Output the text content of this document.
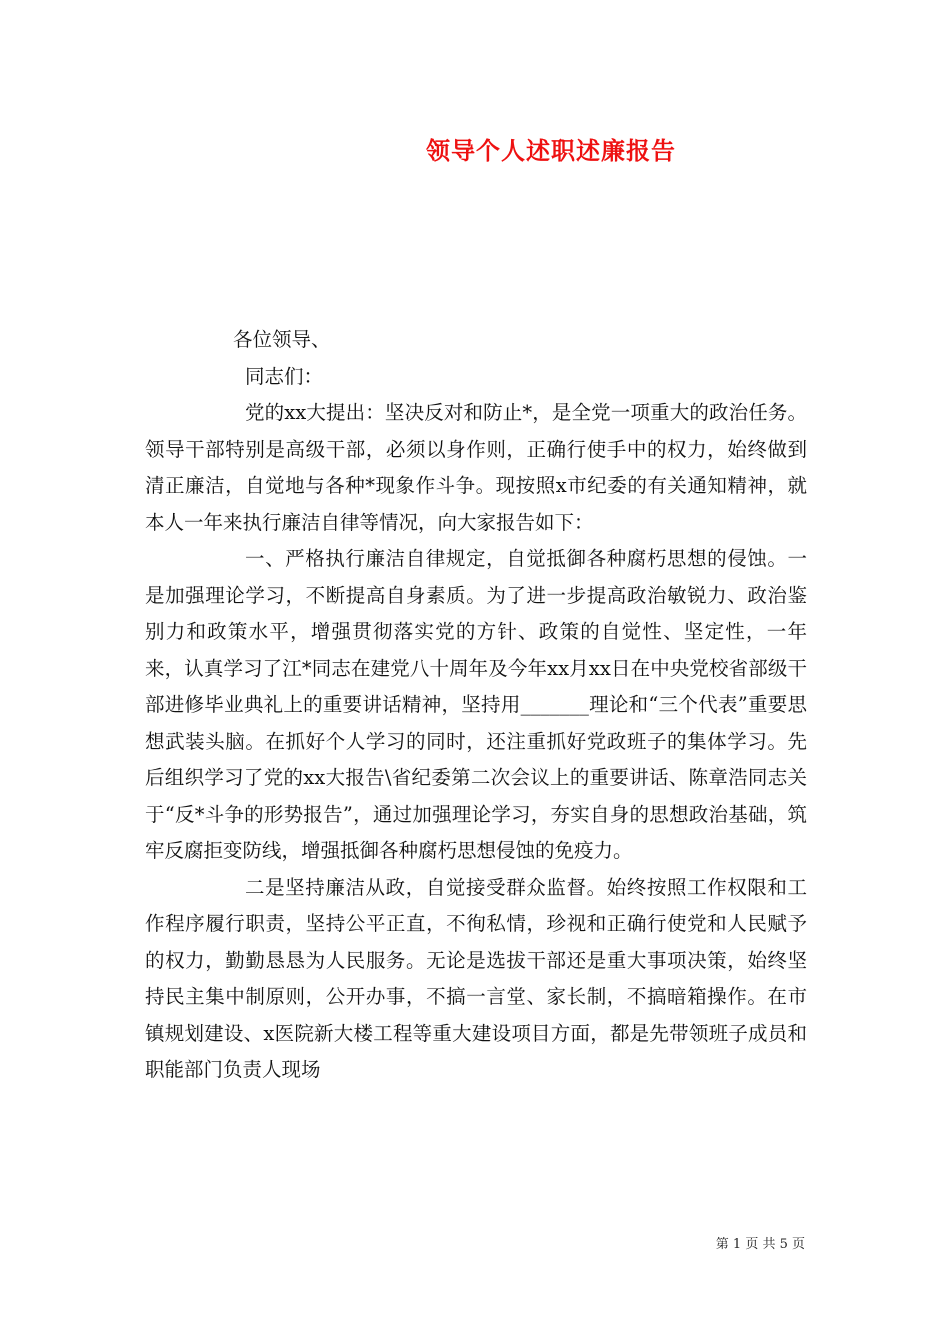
领导个人述职述廉报告

各位领导、

同志们：

党的xx大提出：坚决反对和防止*，是全党一项重大的政治任务。领导干部特别是高级干部，必须以身作则，正确行使手中的权力，始终做到清正廉洁，自觉地与各种*现象作斗争。现按照x市纪委的有关通知精神，就本人一年来执行廉洁自律等情况，向大家报告如下：

一、严格执行廉洁自律规定，自觉抵御各种腐朽思想的侵蚀。一是加强理论学习，不断提高自身素质。为了进一步提高政治敏锐力、政治鉴别力和政策水平，增强贯彻落实党的方针、政策的自觉性、坚定性，一年来，认真学习了江*同志在建党八十周年及今年xx月xx日在中央党校省部级干部进修毕业典礼上的重要讲话精神，坚持用_______理论和“三个代表”重要思想武装头脑。在抓好个人学习的同时，还注重抓好党政班子的集体学习。先后组织学习了党的xx大报告\省纪委第二次会议上的重要讲话、陈章浩同志关于“反*斗争的形势报告”，通过加强理论学习，夯实自身的思想政治基础，筑牢反腐拒变防线，增强抵御各种腐朽思想侵蚀的免疫力。

二是坚持廉洁从政，自觉接受群众监督。始终按照工作权限和工作程序履行职责，坚持公平正直，不徇私情，珍视和正确行使党和人民赋予的权力，勤勤恳恳为人民服务。无论是选拔干部还是重大事项决策，始终坚持民主集中制原则，公开办事，不搞一言堂、家长制，不搞暗箱操作。在市镇规划建设、x医院新大楼工程等重大建设项目方面，都是先带领班子成员和职能部门负责人现场

第 1 页 共 5 页
